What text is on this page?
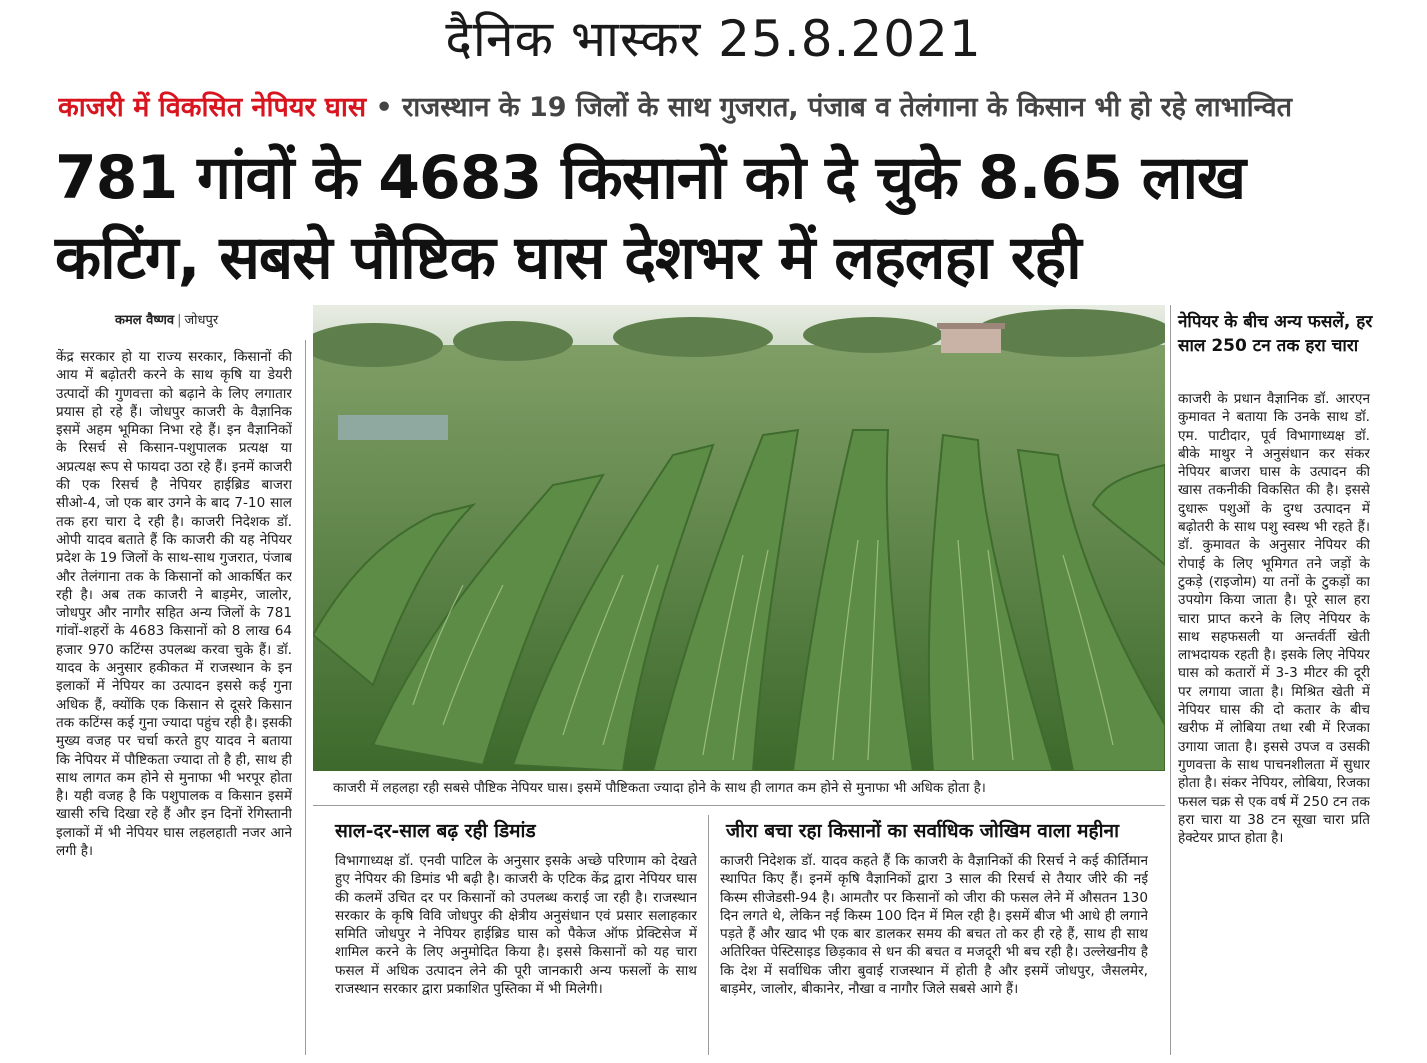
दैनिक भास्कर 25.8.2021
काजरी में विकसित नेपियर घास • राजस्थान के 19 जिलों के साथ गुजरात, पंजाब व तेलंगाना के किसान भी हो रहे लाभान्वित
781 गांवों के 4683 किसानों को दे चुके 8.65 लाख
कटिंग, सबसे पौष्टिक घास देशभर में लहलहा रही
कमल वैष्णव | जोधपुर
केंद्र सरकार हो या राज्य सरकार, किसानों की आय में बढ़ोतरी करने के साथ कृषि या डेयरी उत्पादों की गुणवत्ता को बढ़ाने के लिए लगातार प्रयास हो रहे हैं। जोधपुर काजरी के वैज्ञानिक इसमें अहम भूमिका निभा रहे हैं। इन वैज्ञानिकों के रिसर्च से किसान-पशुपालक प्रत्यक्ष या अप्रत्यक्ष रूप से फायदा उठा रहे हैं। इनमें काजरी की एक रिसर्च है नेपियर हाईब्रिड बाजरा सीओ-4, जो एक बार उगने के बाद 7-10 साल तक हरा चारा दे रही है। काजरी निदेशक डॉ. ओपी यादव बताते हैं कि काजरी की यह नेपियर प्रदेश के 19 जिलों के साथ-साथ गुजरात, पंजाब और तेलंगाना तक के किसानों को आकर्षित कर रही है। अब तक काजरी ने बाड़मेर, जालोर, जोधपुर और नागौर सहित अन्य जिलों के 781 गांवों-शहरों के 4683 किसानों को 8 लाख 64 हजार 970 कटिंग्स उपलब्ध करवा चुके हैं। डॉ. यादव के अनुसार हकीकत में राजस्थान के इन इलाकों में नेपियर का उत्पादन इससे कई गुना अधिक हैं, क्योंकि एक किसान से दूसरे किसान तक कटिंग्स कई गुना ज्यादा पहुंच रही है। इसकी मुख्य वजह पर चर्चा करते हुए यादव ने बताया कि नेपियर में पौष्टिकता ज्यादा तो है ही, साथ ही साथ लागत कम होने से मुनाफा भी भरपूर होता है। यही वजह है कि पशुपालक व किसान इसमें खासी रुचि दिखा रहे हैं और इन दिनों रेगिस्तानी इलाकों में भी नेपियर घास लहलहाती नजर आने लगी है।
काजरी में लहलहा रही सबसे पौष्टिक नेपियर घास। इसमें पौष्टिकता ज्यादा होने के साथ ही लागत कम होने से मुनाफा भी अधिक होता है।
साल-दर-साल बढ़ रही डिमांड
विभागाध्यक्ष डॉ. एनवी पाटिल के अनुसार इसके अच्छे परिणाम को देखते हुए नेपियर की डिमांड भी बढ़ी है। काजरी के एटिक केंद्र द्वारा नेपियर घास की कलमें उचित दर पर किसानों को उपलब्ध कराई जा रही है। राजस्थान सरकार के कृषि विवि जोधपुर की क्षेत्रीय अनुसंधान एवं प्रसार सलाहकार समिति जोधपुर ने नेपियर हाईब्रिड घास को पैकेज ऑफ प्रेक्टिसेज में शामिल करने के लिए अनुमोदित किया है। इससे किसानों को यह चारा फसल में अधिक उत्पादन लेने की पूरी जानकारी अन्य फसलों के साथ राजस्थान सरकार द्वारा प्रकाशित पुस्तिका में भी मिलेगी।
जीरा बचा रहा किसानों का सर्वाधिक जोखिम वाला महीना
काजरी निदेशक डॉ. यादव कहते हैं कि काजरी के वैज्ञानिकों की रिसर्च ने कई कीर्तिमान स्थापित किए हैं। इनमें कृषि वैज्ञानिकों द्वारा 3 साल की रिसर्च से तैयार जीरे की नई किस्म सीजेडसी-94 है। आमतौर पर किसानों को जीरा की फसल लेने में औसतन 130 दिन लगते थे, लेकिन नई किस्म 100 दिन में मिल रही है। इसमें बीज भी आधे ही लगाने पड़ते हैं और खाद भी एक बार डालकर समय की बचत तो कर ही रहे हैं, साथ ही साथ अतिरिक्त पेस्टिसाइड छिड़काव से धन की बचत व मजदूरी भी बच रही है। उल्लेखनीय है कि देश में सर्वाधिक जीरा बुवाई राजस्थान में होती है और इसमें जोधपुर, जैसलमेर, बाड़मेर, जालोर, बीकानेर, नौखा व नागौर जिले सबसे आगे हैं।
नेपियर के बीच अन्य फसलें, हर साल 250 टन तक हरा चारा
काजरी के प्रधान वैज्ञानिक डॉ. आरएन कुमावत ने बताया कि उनके साथ डॉ. एम. पाटीदार, पूर्व विभागाध्यक्ष डॉ. बीके माथुर ने अनुसंधान कर संकर नेपियर बाजरा घास के उत्पादन की खास तकनीकी विकसित की है। इससे दुधारू पशुओं के दुग्ध उत्पादन में बढ़ोतरी के साथ पशु स्वस्थ भी रहते हैं। डॉ. कुमावत के अनुसार नेपियर की रोपाई के लिए भूमिगत तने जड़ों के टुकड़े (राइजोम) या तनों के टुकड़ों का उपयोग किया जाता है। पूरे साल हरा चारा प्राप्त करने के लिए नेपियर के साथ सहफसली या अन्तर्वर्ती खेती लाभदायक रहती है। इसके लिए नेपियर घास को कतारों में 3-3 मीटर की दूरी पर लगाया जाता है। मिश्रित खेती में नेपियर घास की दो कतार के बीच खरीफ में लोबिया तथा रबी में रिजका उगाया जाता है। इससे उपज व उसकी गुणवत्ता के साथ पाचनशीलता में सुधार होता है। संकर नेपियर, लोबिया, रिजका फसल चक्र से एक वर्ष में 250 टन तक हरा चारा या 38 टन सूखा चारा प्रति हेक्टेयर प्राप्त होता है।
